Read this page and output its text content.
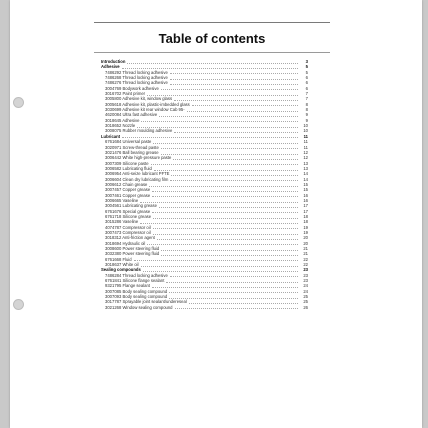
Table of contents
Introduction	3
Adhesive	5
7486292 Thread locking adhesive	5
7486268 Thread locking adhesive	6
7486276 Thread locking adhesive	6
3004769 Bodywork adhesive	6
3016702 Paint primer	7
3005800 Adhesive kit, window glass	7
3005618 Adhesive kit, plastic-imbedded glass	8
3030699 Adhesive kit rear window Cab 95-	8
4620084 Ultra fast adhesive	9
3018645 Adhesive	9
3018652 Nozzle	10
3008075 Rubber moulding adhesive	10
Lubricant	11
6761684 Universal paste	11
3020971 Screw-thread paste	11
3021476 Ball bearing grease	12
3006442 White high-pressure paste	12
3007309 Silicone paste	13
3006582 Lubricating fluid	13
3006954 Anti-seize lubricant PFTE	14
3006604 Clean dry lubricating film	14
3006612 Chain grease	15
3007457 Copper grease	15
3007461 Copper grease	16
3006665 Vaseline	16
3004561 Lubricating grease	17
6761676 Special grease	17
6761718 Silicone grease	18
3015286 Vaseline	18
4074787 Compressor oil	19
3007473 Compressor oil	19
3018312 Anti-friction agent	20
3018694 Hydraulic oil	20
3008600 Power steering fluid	21
3032380 Power steering fluid	21
6761668 Fluid	22
3018637 White oil	22
Sealing compounds	23
7486284 Thread locking adhesive	23
6761841 Silicone flange sealant	23
9321795 Flange sealant	24
3007085 Body sealing compound	24
3007093 Body sealing compound	25
3017787 Sprayable joint sealant/undereseal	25
3021268 Window sealing compound	26
